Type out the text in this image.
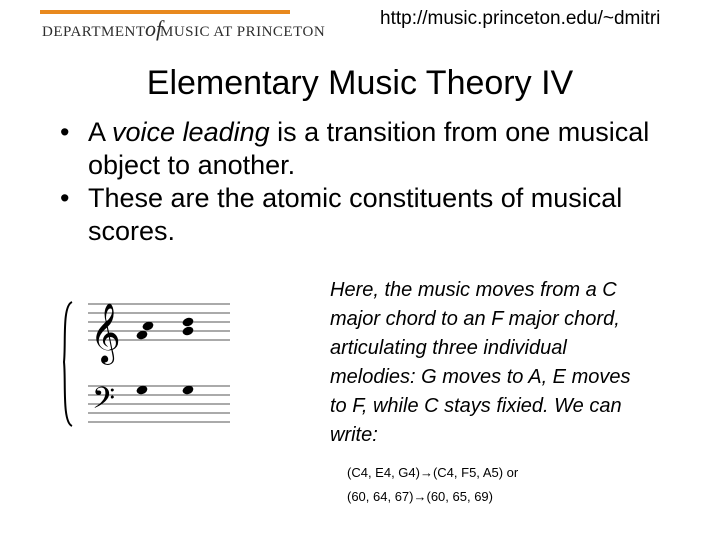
DEPARTMENT of
MUSIC AT PRINCETON
http://music.princeton.edu/~dmitri
Elementary Music Theory IV
• A voice leading is a transition from one musical object to another.
• These are the atomic constituents of musical scores.
𝄞
𝄢
Here, the music moves from a C major chord to an F major chord, articulating three individual melodies: G moves to A, E moves to F, while C stays fixied. We can write:
(C4, E4, G4)→(C4, F5, A5) or
(60, 64, 67)→(60, 65, 69)
